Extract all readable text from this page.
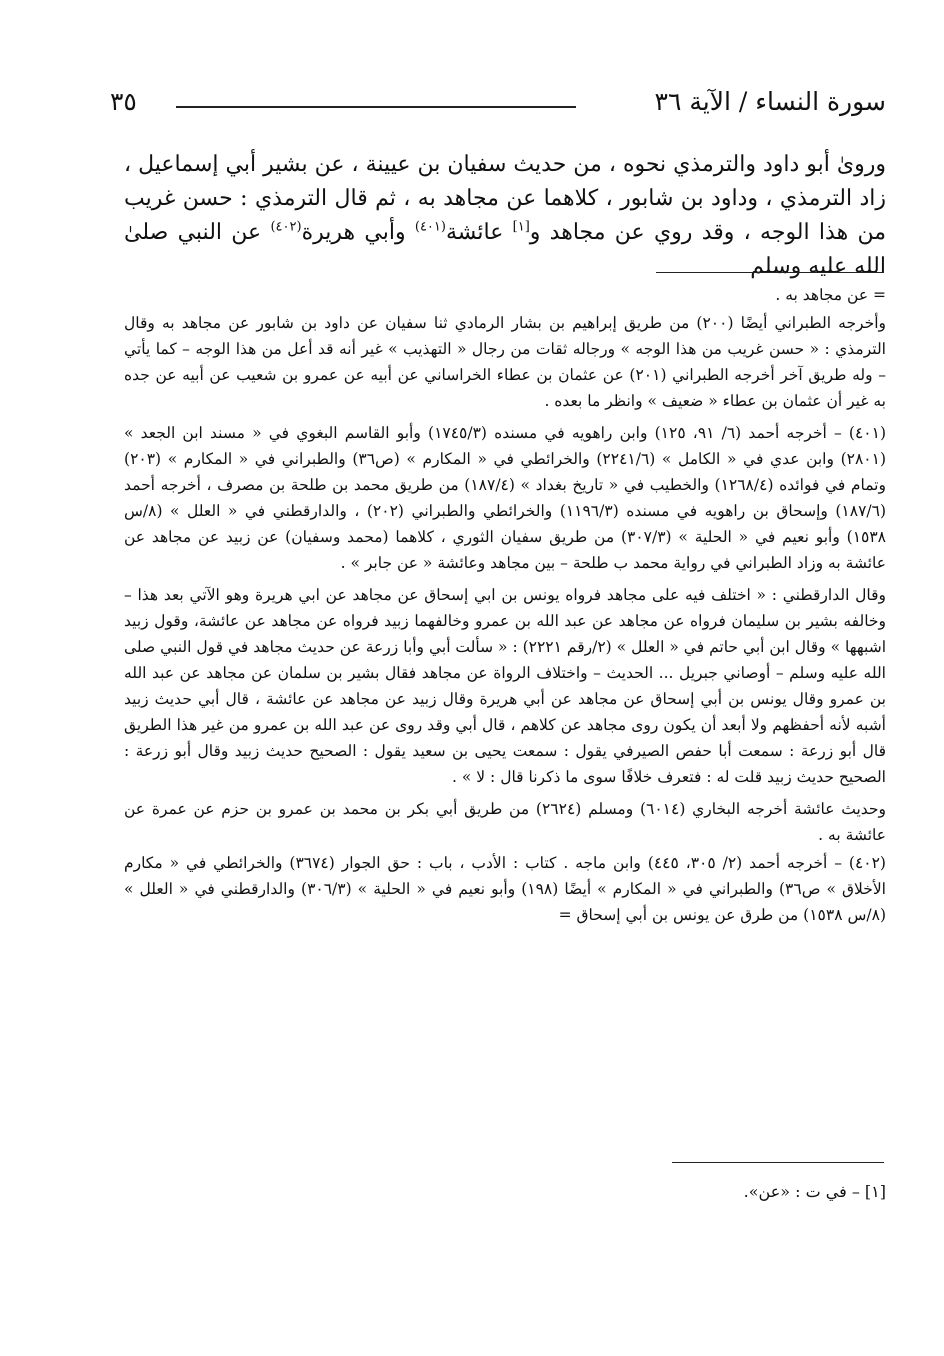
سورة النساء / الآية ٣٦
٣٥

وروىٰ أبو داود والترمذي نحوه ، من حديث سفيان بن عيينة ، عن بشير أبي إسماعيل ، زاد الترمذي ، وداود بن شابور ، كلاهما عن مجاهد به ، ثم قال الترمذي : حسن غريب من هذا الوجه ، وقد روي عن مجاهد و[١] عائشة$^{(٤٠١)}$ وأبي هريرة$^{(٤٠٢)}$ عن النبي صلىٰ الله عليه وسلم

= عن مجاهد به .

وأخرجه الطبراني أيضًا (٢٠٠) من طريق إبراهيم بن بشار الرمادي ثنا سفيان عن داود بن شابور عن مجاهد به وقال الترمذي : « حسن غريب من هذا الوجه » ورجاله ثقات من رجال « التهذيب » غير أنه قد أعل من هذا الوجه – كما يأتي – وله طريق آخر أخرجه الطبراني (٢٠١) عن عثمان بن عطاء الخراساني عن أبيه عن عمرو بن شعيب عن أبيه عن جده به غير أن عثمان بن عطاء « ضعيف » وانظر ما بعده .

(٤٠١) – أخرجه أحمد (٦/ ٩١، ١٢٥) وابن راهويه في مسنده (١٧٤٥/٣) وأبو القاسم البغوي في « مسند ابن الجعد » (٢٨٠١) وابن عدي في « الكامل » (٢٢٤١/٦) والخرائطي في « المكارم » (ص٣٦) والطبراني في « المكارم » (٢٠٣) وتمام في فوائده (١٢٦٨/٤) والخطيب في « تاريخ بغداد » (١٨٧/٤) من طريق محمد بن طلحة بن مصرف ، أخرجه أحمد (١٨٧/٦) وإسحاق بن راهويه في مسنده (١١٩٦/٣) والخرائطي والطبراني (٢٠٢) ، والدارقطني في « العلل » (٨/س ١٥٣٨) وأبو نعيم في « الحلية » (٣٠٧/٣) من طريق سفيان الثوري ، كلاهما (محمد وسفيان) عن زبيد عن مجاهد عن عائشة به وزاد الطبراني في رواية محمد ب طلحة – بين مجاهد وعائشة « عن جابر » .

وقال الدارقطني : « اختلف فيه على مجاهد فرواه يونس بن ابي إسحاق عن مجاهد عن ابي هريرة وهو الآتي بعد هذا – وخالفه بشير بن سليمان فرواه عن مجاهد عن عبد الله بن عمرو وخالفهما زبيد فرواه عن مجاهد عن عائشة، وقول زبيد اشبهها » وقال ابن أبي حاتم في « العلل » (٢/رقم ٢٢٢١) : « سألت أبي وأبا زرعة عن حديث مجاهد في قول النبي صلى الله عليه وسلم – أوصاني جبريل ... الحديث – واختلاف الرواة عن مجاهد فقال بشير بن سلمان عن مجاهد عن عبد الله بن عمرو وقال يونس بن أبي إسحاق عن مجاهد عن أبي هريرة وقال زبيد عن مجاهد عن عائشة ، قال أبي حديث زبيد أشبه لأنه أحفظهم ولا أبعد أن يكون روى مجاهد عن كلاهم ، قال أبي وقد روى عن عبد الله بن عمرو من غير هذا الطريق قال أبو زرعة : سمعت أبا حفص الصيرفي يقول : سمعت يحيى بن سعيد يقول : الصحيح حديث زبيد وقال أبو زرعة : الصحيح حديث زبيد قلت له : فتعرف خلافًا سوى ما ذكرنا قال : لا » .

وحديث عائشة أخرجه البخاري (٦٠١٤) ومسلم (٢٦٢٤) من طريق أبي بكر بن محمد بن عمرو بن حزم عن عمرة عن عائشة به .

(٤٠٢) – أخرجه أحمد (٢/ ٣٠٥، ٤٤٥) وابن ماجه . كتاب : الأدب ، باب : حق الجوار (٣٦٧٤) والخرائطي في « مكارم الأخلاق » ص٣٦) والطبراني في « المكارم » أيضًا (١٩٨) وأبو نعيم في « الحلية » (٣٠٦/٣) والدارقطني في « العلل » (٨/س ١٥٣٨) من طرق عن يونس بن أبي إسحاق =

[١] – في ت : «عن».
